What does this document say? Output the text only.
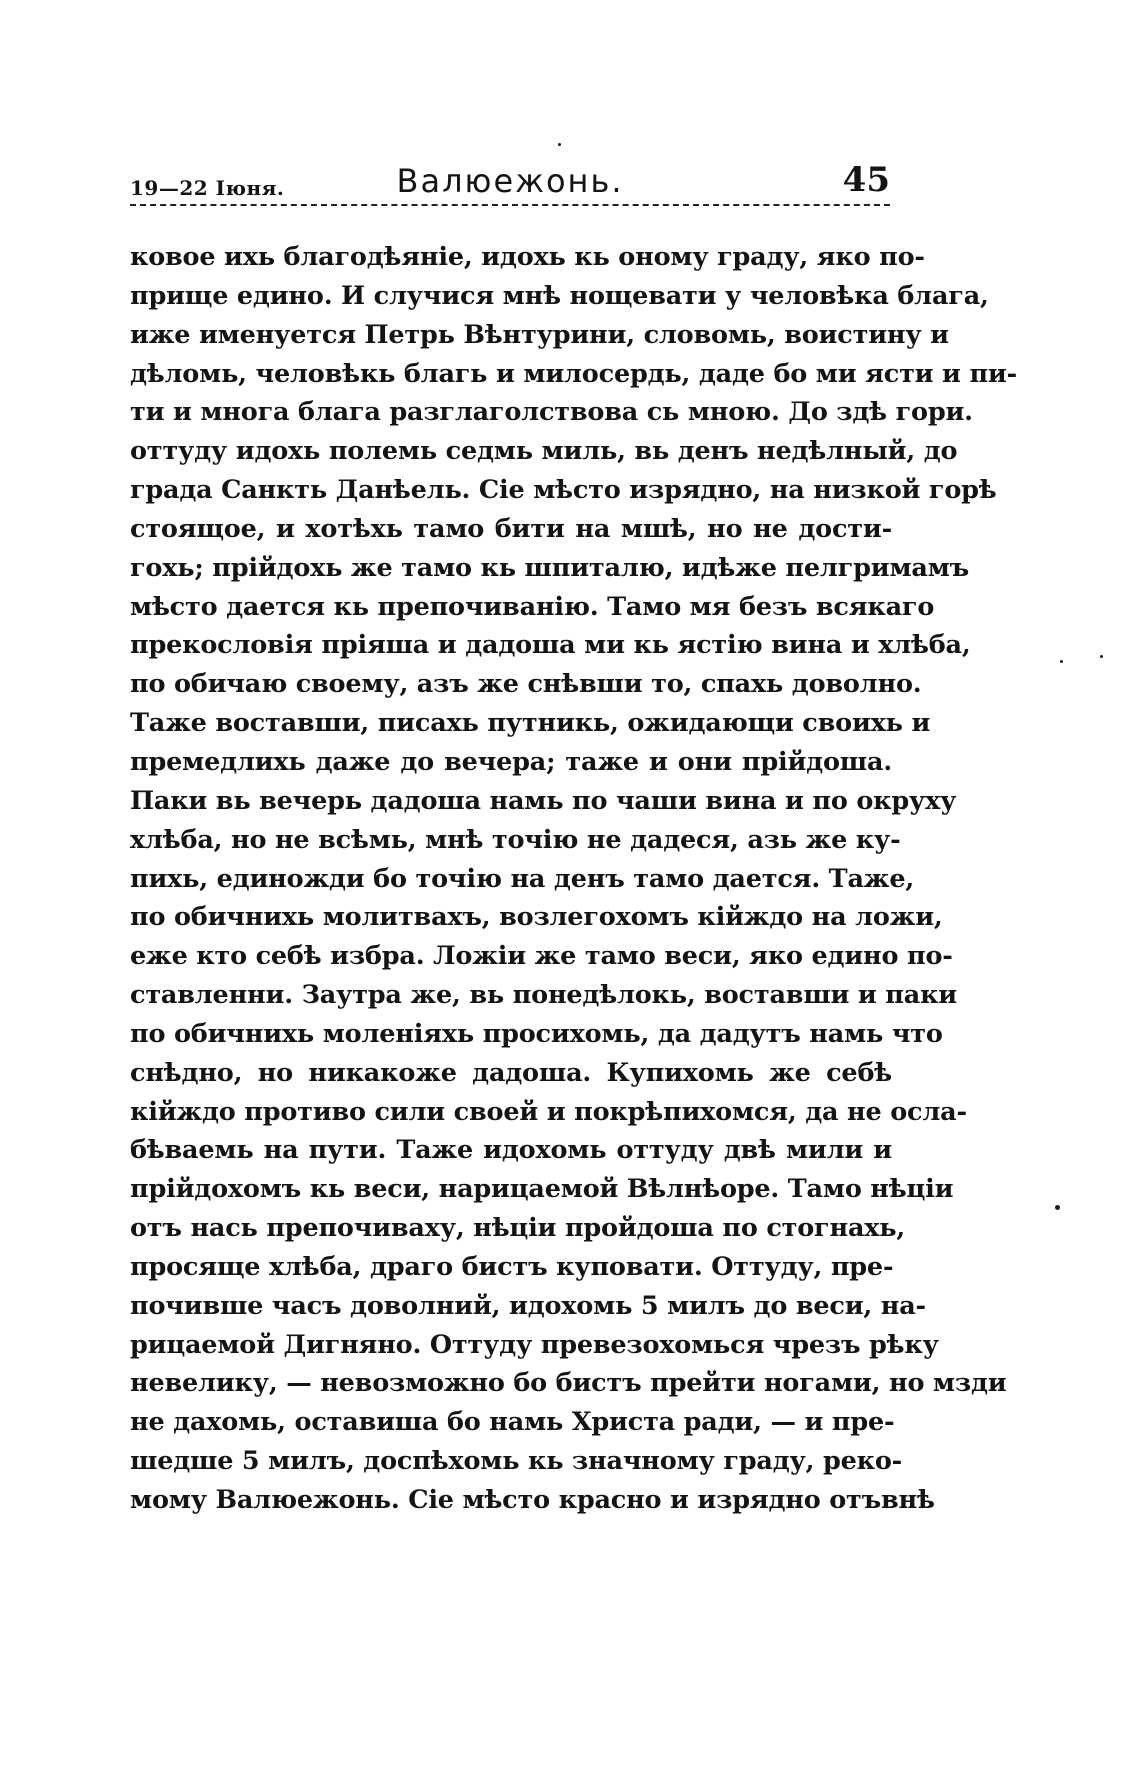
19—22 Іюня.	Валюежонь.	45
ковое ихь благодѣяніе, идохь кь оному граду, яко по-
прище едино. И случися мнѣ нощевати у человѣка блага,
иже именуется Петрь Вѣнтурини, словомь, воистину и
дѣломь, человѣкь благь и милосердь, даде бо ми ясти и пи-
ти и многа блага разглаголствова сь мною. До здѣ гори.
оттуду идохь полемь седмь миль, вь денъ недѣлный, до
града Санкть Данѣель. Сіе мѣсто изрядно, на низкой горѣ
стоящое, и хотѣхь тамо бити на мшѣ, но не дости-
гохь; прійдохь же тамо кь шпиталю, идѣже пелгримамъ
мѣсто дается кь препочиванію. Тамо мя безъ всякаго
прекословія пріяша и дадоша ми кь ястію вина и хлѣба,
по обичаю своему, азъ же снѣвши то, спахь доволно.
Таже воставши, писахь путникь, ожидающи своихь и
премедлихь даже до вечера; таже и они прійдоша.
Паки вь вечерь дадоша намь по чаши вина и по окруху
хлѣба, но не всѣмь, мнѣ точію не дадеся, азь же ку-
пихь, единожди бо точію на денъ тамо дается. Таже,
по обичнихь молитвахъ, возлегохомъ кійждо на ложи,
еже кто себѣ избра. Ложіи же тамо веси, яко едино по-
ставленни. Заутра же, вь понедѣлокь, воставши и паки
по обичнихь моленіяхь просихомь, да дадутъ намь что
снѣдно, но никакоже дадоша. Купихомь же себѣ
кійждо противо сили своей и покрѣпихомся, да не осла-
бѣваемь на пути. Таже идохомь оттуду двѣ мили и
прійдохомъ кь веси, нарицаемой Вѣлнѣоре. Тамо нѣціи
отъ нась препочиваху, нѣціи пройдоша по стогнахь,
просяще хлѣба, драго бистъ куповати. Оттуду, пре-
почивше часъ доволний, идохомь 5 милъ до веси, на-
рицаемой Дигняно. Оттуду превезохомься чрезъ рѣку
невелику, — невозможно бо бистъ прейти ногами, но мзди
не дахомь, оставиша бо намь Христа ради, — и пре-
шедше 5 милъ, доспѣхомь кь значному граду, реко-
мому Валюежонь. Сіе мѣсто красно и изрядно отъвнѣ
